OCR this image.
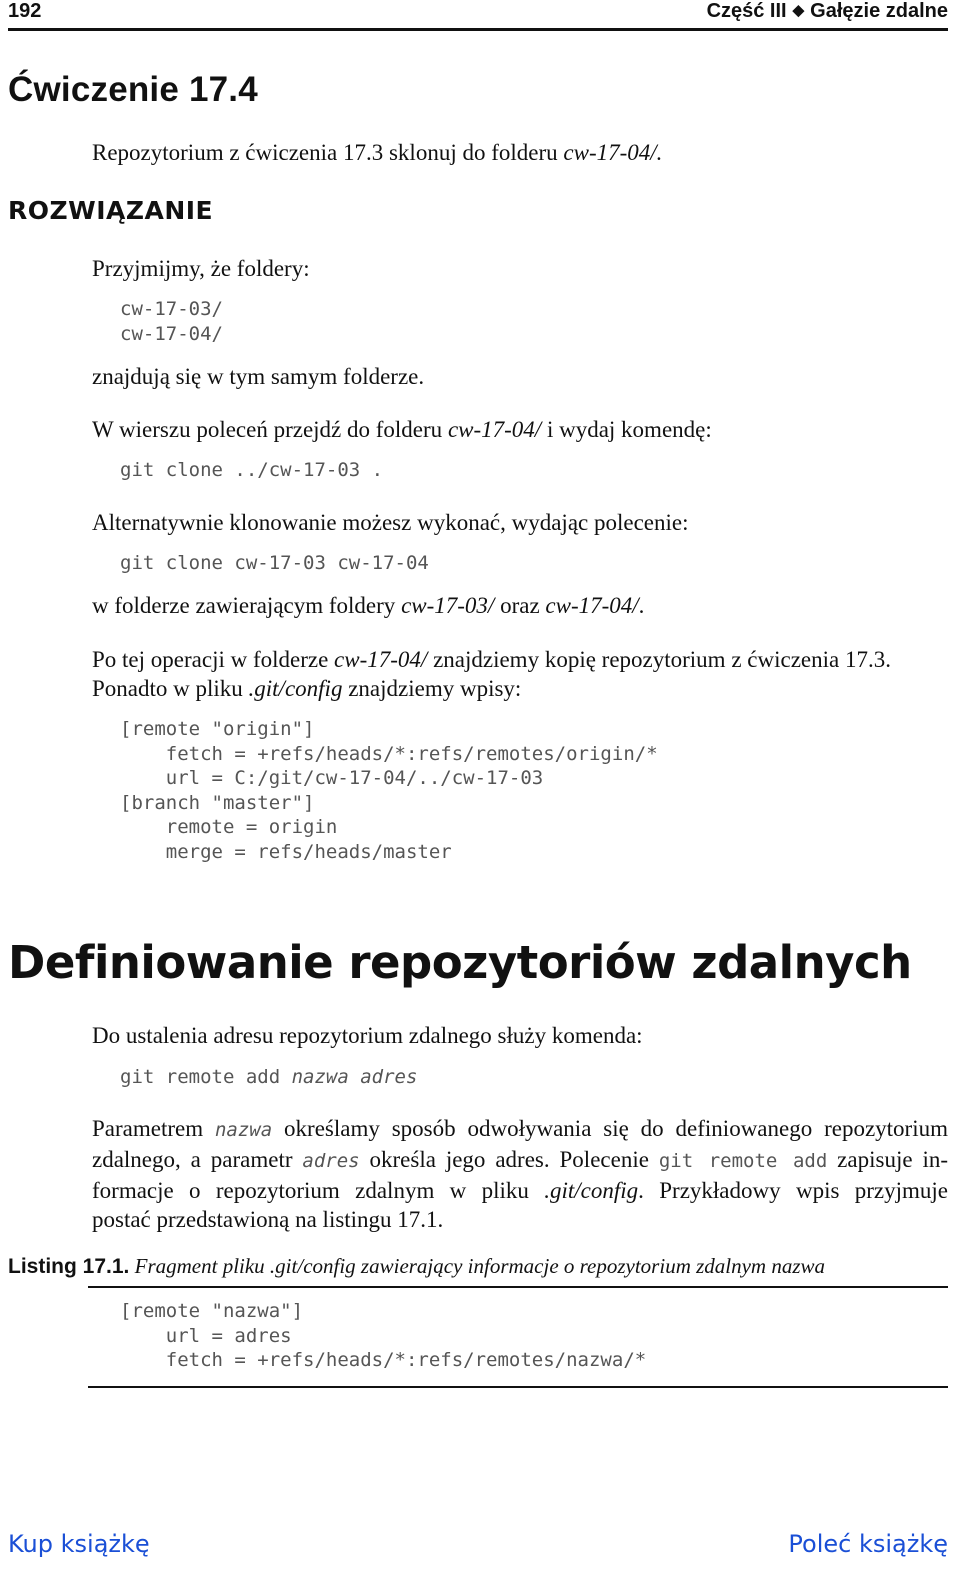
192	Część III ◆ Gałęzie zdalne
Ćwiczenie 17.4
Repozytorium z ćwiczenia 17.3 sklonuj do folderu cw-17-04/.
ROZWIĄZANIE
Przyjmijmy, że foldery:
cw-17-03/
cw-17-04/
znajdują się w tym samym folderze.
W wierszu poleceń przejdź do folderu cw-17-04/ i wydaj komendę:
git clone ../cw-17-03 .
Alternatywnie klonowanie możesz wykonać, wydając polecenie:
git clone cw-17-03 cw-17-04
w folderze zawierającym foldery cw-17-03/ oraz cw-17-04/.
Po tej operacji w folderze cw-17-04/ znajdziemy kopię repozytorium z ćwiczenia 17.3.
Ponadto w pliku .git/config znajdziemy wpisy:
[remote "origin"]
fetch = +refs/heads/*:refs/remotes/origin/*
url = C:/git/cw-17-04/../cw-17-03
[branch "master"]
remote = origin
merge = refs/heads/master
Definiowanie repozytoriów zdalnych
Do ustalenia adresu repozytorium zdalnego służy komenda:
git remote add nazwa adres
Parametrem nazwa określamy sposób odwoływania się do definiowanego repozytorium
zdalnego, a parametr adres określa jego adres. Polecenie git remote add zapisuje in-
formacje o repozytorium zdalnym w pliku .git/config. Przykładowy wpis przyjmuje
postać przedstawioną na listingu 17.1.
Listing 17.1. Fragment pliku .git/config zawierający informacje o repozytorium zdalnym nazwa
[remote "nazwa"]
url = adres
fetch = +refs/heads/*:refs/remotes/nazwa/*
Kup książkę	Poleć książkę
